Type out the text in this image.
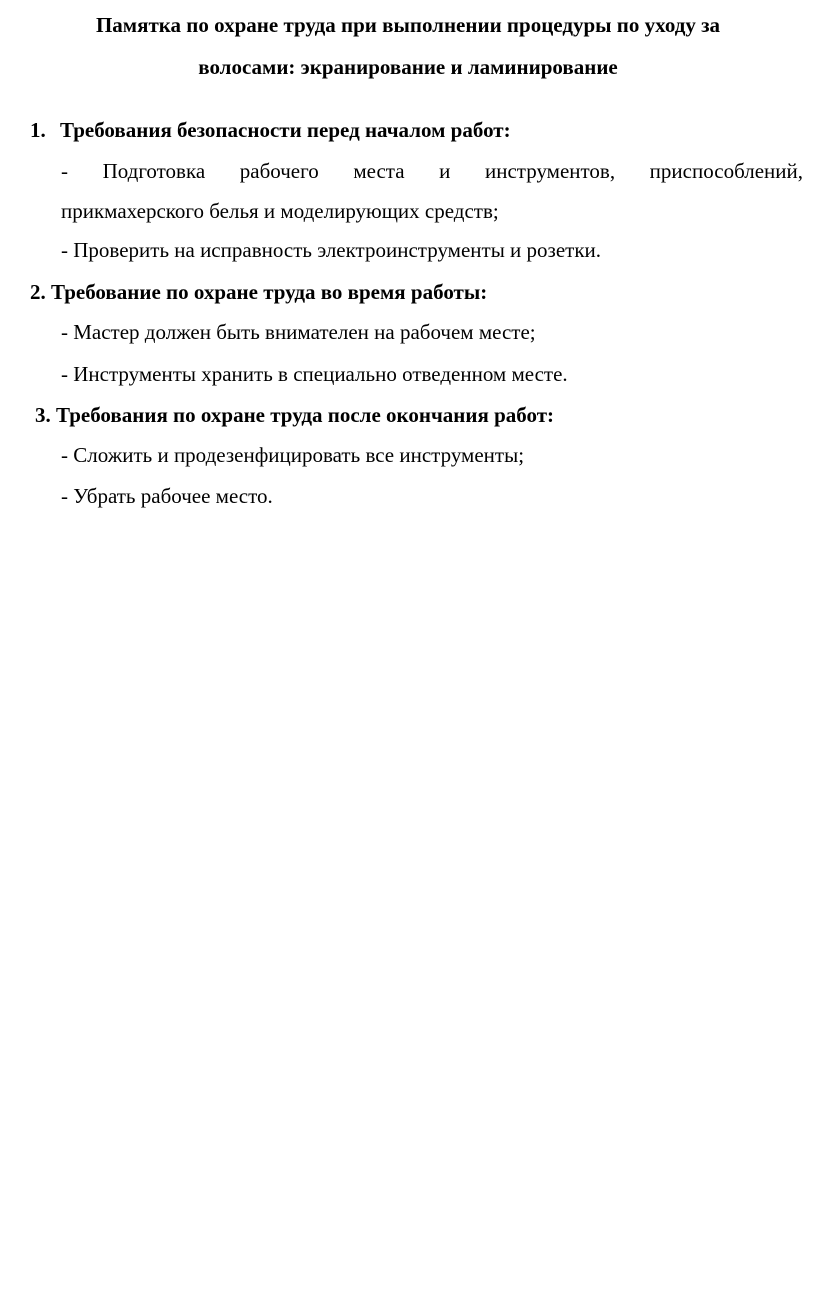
Памятка по охране труда при выполнении процедуры по уходу за
волосами: экранирование и ламинирование
1. Требования безопасности перед началом работ:
- Подготовка рабочего места и инструментов, приспособлений,
прикмахерского белья и моделирующих средств;
- Проверить на исправность электроинструменты и розетки.
2. Требование по охране труда во время работы:
- Мастер должен быть внимателен на рабочем месте;
- Инструменты хранить в специально отведенном месте.
3. Требования по охране труда после окончания работ:
- Сложить и продезенфицировать все инструменты;
- Убрать рабочее место.
